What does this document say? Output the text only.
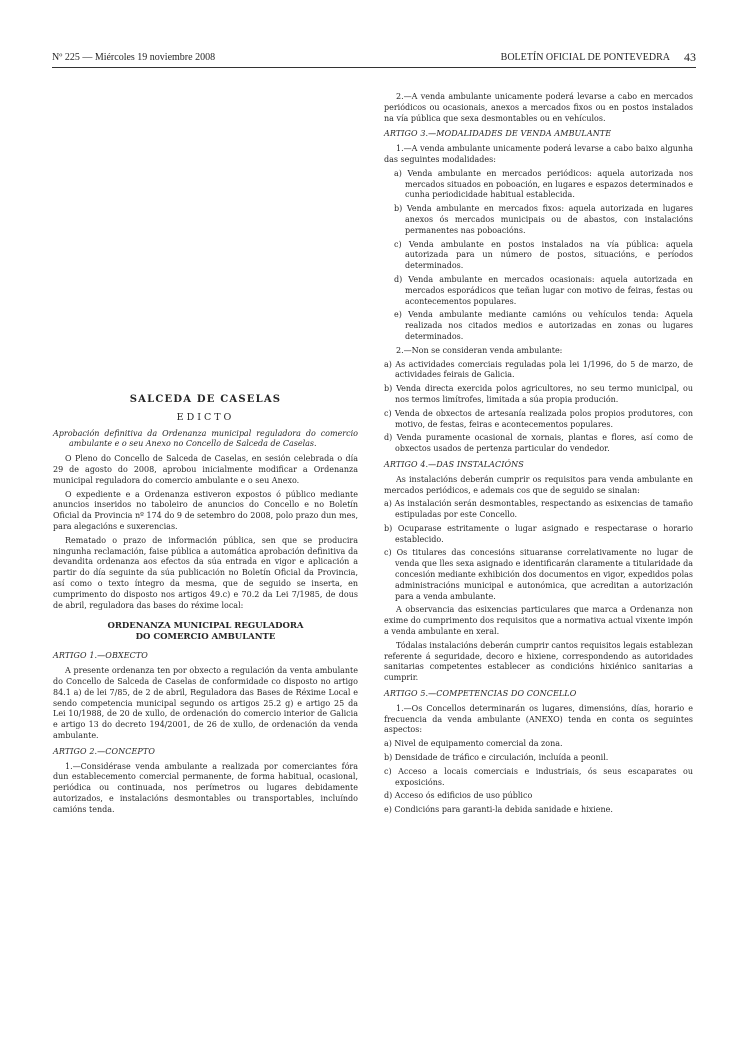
Nº 225 — Miércoles 19 noviembre 2008	BOLETÍN OFICIAL DE PONTEVEDRA 43

2.—A venda ambulante unicamente poderá levarse a cabo en mercados periódicos ou ocasionais, anexos a mercados fixos ou en postos instalados na vía pública que sexa desmontables ou en vehículos.

ARTIGO 3.—MODALIDADES DE VENDA AMBULANTE

1.—A venda ambulante unicamente poderá levarse a cabo baixo algunha das seguintes modalidades:

a) Venda ambulante en mercados periódicos: aquela autorizada nos mercados situados en poboación, en lugares e espazos determinados e cunha periodicidade habitual establecida.
b) Venda ambulante en mercados fixos: aquela autorizada en lugares anexos ós mercados municipais ou de abastos, con instalacións permanentes nas poboacións.
c) Venda ambulante en postos instalados na vía pública: aquela autorizada para un número de postos, situacións, e períodos determinados.
d) Venda ambulante en mercados ocasionais: aquela autorizada en mercados esporádicos que teñan lugar con motivo de feiras, festas ou acontecementos populares.
e) Venda ambulante mediante camións ou vehículos tenda: Aquela realizada nos citados medios e autorizadas en zonas ou lugares determinados.

2.—Non se consideran venda ambulante:

a) As actividades comerciais reguladas pola lei 1/1996, do 5 de marzo, de actividades feirais de Galicia.
b) Venda directa exercida polos agricultores, no seu termo municipal, ou nos termos limítrofes, limitada a súa propia produción.
c) Venda de obxectos de artesanía realizada polos propios produtores, con motivo, de festas, feiras e acontecementos populares.
d) Venda puramente ocasional de xornais, plantas e flores, así como de obxectos usados de pertenza particular do vendedor.
ARTIGO 4.—DAS INSTALACIÓNS

As instalacións deberán cumprir os requisitos para venda ambulante en mercados periódicos, e ademais cos que de seguido se sinalan:

a) As instalación serán desmontables, respectando as esixencias de tamaño estipuladas por este Concello.
b) Ocuparase estritamente o lugar asignado e respectarase o horario establecido.
c) Os titulares das concesións situaranse correlativamente no lugar de venda que lles sexa asignado e identificarán claramente a titularidade da concesión mediante exhibición dos documentos en vigor, expedidos polas administracións municipal e autonómica, que acreditan a autorización para a venda ambulante.

A observancia das esixencias particulares que marca a Ordenanza non exime do cumprimento dos requisitos que a normativa actual vixente impón a venda ambulante en xeral.

Tódalas instalacións deberán cumprir cantos requisitos legais establezan referente á seguridade, decoro e hixiene, correspondendo as autoridades sanitarias competentes establecer as condicións hixiénico sanitarias a cumprir.

ARTIGO 5.—COMPETENCIAS DO CONCELLO

1.—Os Concellos determinarán os lugares, dimensións, días, horario e frecuencia da venda ambulante (ANEXO) tenda en conta os seguintes aspectos:

a) Nivel de equipamento comercial da zona.
b) Densidade de tráfico e circulación, incluída a peonil.
c) Acceso a locais comerciais e industriais, ós seus escaparates ou exposicións.
d) Acceso ós edificios de uso público
e) Condicións para garanti-la debida sanidade e hixiene.
SALCEDA DE CASELAS
EDICTO
Aprobación definitiva da Ordenanza municipal reguladora do comercio ambulante e o seu Anexo no Concello de Salceda de Caselas.

O Pleno do Concello de Salceda de Caselas, en sesión celebrada o día 29 de agosto do 2008, aprobou inicialmente modificar a Ordenanza municipal reguladora do comercio ambulante e o seu Anexo.

O expediente e a Ordenanza estiveron expostos ó público mediante anuncios inseridos no taboleiro de anuncios do Concello e no Boletín Oficial da Provincia nº 174 do 9 de setembro do 2008, polo prazo dun mes, para alegacións e suxerencias.

Rematado o prazo de información pública, sen que se producira ningunha reclamación, faise pública a automática aprobación definitiva da devandita ordenanza aos efectos da súa entrada en vigor e aplicación a partir do día seguinte da súa publicación no Boletín Oficial da Provincia, así como o texto íntegro da mesma, que de seguido se inserta, en cumprimento do disposto nos artigos 49.c) e 70.2 da Lei 7/1985, de dous de abril, reguladora das bases do réxime local:

ORDENANZA MUNICIPAL REGULADORA
DO COMERCIO AMBULANTE
ARTIGO 1.—OBXECTO

A presente ordenanza ten por obxecto a regulación da venta ambulante do Concello de Salceda de Caselas de conformidade co disposto no artigo 84.1 a) de lei 7/85, de 2 de abril, Reguladora das Bases de Réxime Local e sendo competencia municipal segundo os artigos 25.2 g) e artigo 25 da Lei 10/1988, de 20 de xullo, de ordenación do comercio interior de Galicia e artigo 13 do decreto 194/2001, de 26 de xullo, de ordenación da venda ambulante.

ARTIGO 2.—CONCEPTO

1.—Considérase venda ambulante a realizada por comerciantes fóra dun establecemento comercial permanente, de forma habitual, ocasional, periódica ou continuada, nos perímetros ou lugares debidamente autorizados, e instalacións desmontables ou transportables, incluíndo camións tenda.
